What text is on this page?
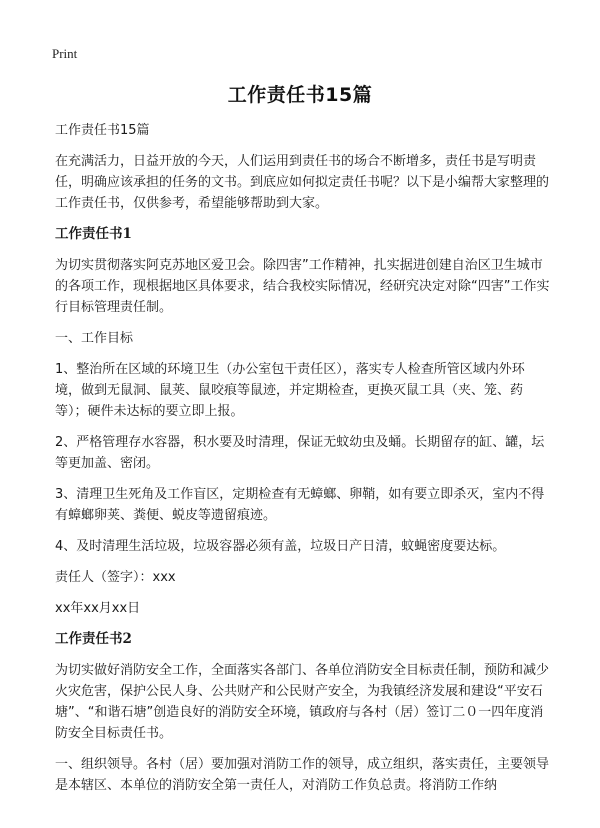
Print
工作责任书15篇

工作责任书15篇

在充满活力，日益开放的今天，人们运用到责任书的场合不断增多，责任书是写明责任，明确应该承担的任务的文书。到底应如何拟定责任书呢？以下是小编帮大家整理的工作责任书，仅供参考，希望能够帮助到大家。

工作责任书1

为切实贯彻落实阿克苏地区爱卫会。除四害”工作精神，扎实据进创建自治区卫生城市的各项工作，现根据地区具体要求，结合我校实际情况，经研究决定对除“四害”工作实行目标管理责任制。

一、工作目标

1、整治所在区域的环境卫生（办公室包干责任区），落实专人检查所管区域内外环境，做到无鼠洞、鼠荚、鼠咬痕等鼠迹，并定期检查，更换灭鼠工具（夹、笼、药等）；硬件未达标的要立即上报。

2、严格管理存水容器，积水要及时清理，保证无蚊幼虫及蛹。长期留存的缸、罐，坛等更加盖、密闭。

3、清理卫生死角及工作盲区，定期检查有无蟑螂、卵鞘，如有要立即杀灭，室内不得有蟑螂卵荚、粪便、蜕皮等遗留痕迹。

4、及时清理生活垃圾，垃圾容器必须有盖，垃圾日产日清，蚊蝇密度要达标。

责任人（签字）：xxx

xx年xx月xx日

工作责任书2

为切实做好消防安全工作，全面落实各部门、各单位消防安全目标责任制，预防和减少火灾危害，保护公民人身、公共财产和公民财产安全，为我镇经济发展和建设“平安石塘”、“和谐石塘”创造良好的消防安全环境，镇政府与各村（居）签订二０一四年度消防安全目标责任书。

一、组织领导。各村（居）要加强对消防工作的领导，成立组织，落实责任，主要领导是本辖区、本单位的消防安全第一责任人，对消防工作负总责。将消防工作纳
